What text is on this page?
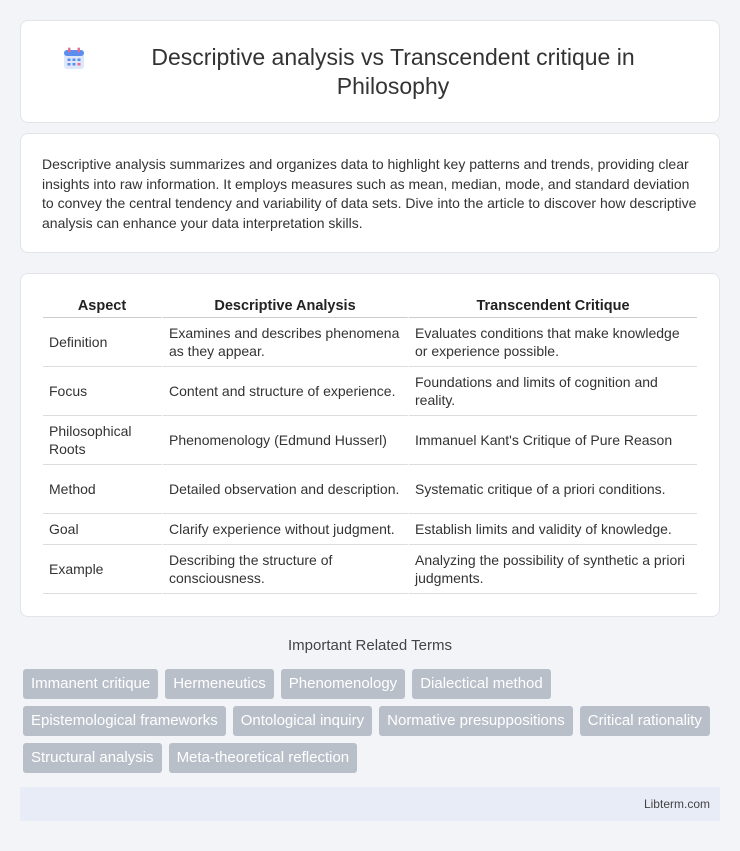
Descriptive analysis vs Transcendent critique in Philosophy

Descriptive analysis summarizes and organizes data to highlight key patterns and trends, providing clear insights into raw information. It employs measures such as mean, median, mode, and standard deviation to convey the central tendency and variability of data sets. Dive into the article to discover how descriptive analysis can enhance your data interpretation skills.

Aspect	Descriptive Analysis	Transcendent Critique
Definition	Examines and describes phenomena as they appear.	Evaluates conditions that make knowledge or experience possible.
Focus	Content and structure of experience.	Foundations and limits of cognition and reality.
Philosophical Roots	Phenomenology (Edmund Husserl)	Immanuel Kant's Critique of Pure Reason
Method	Detailed observation and description.	Systematic critique of a priori conditions.
Goal	Clarify experience without judgment.	Establish limits and validity of knowledge.
Example	Describing the structure of consciousness.	Analyzing the possibility of synthetic a priori judgments.
Important Related Terms
Immanent critique	Hermeneutics	Phenomenology	Dialectical method
Epistemological frameworks	Ontological inquiry	Normative presuppositions	Critical rationality
Structural analysis	Meta-theoretical reflection
Libterm.com
